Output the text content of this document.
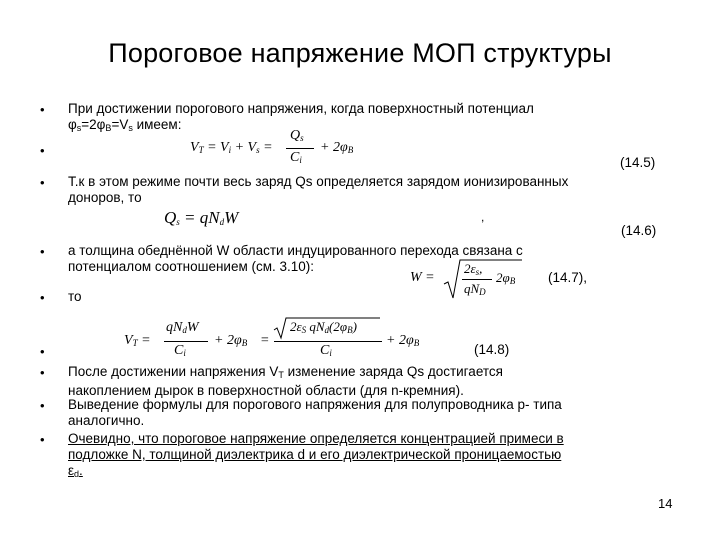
Пороговое напряжение МОП структуры
•
•
•
•
•
•
•
•
•
При достижении порогового напряжения, когда поверхностный потенциал
$\varphi_s=2\varphi_B=V_s$ имеем:
$V_T = V_i + V_s$ =
$Q_s$
$C_i$
+ $2\varphi_B$
(14.5)
Т.к в этом режиме почти весь заряд Qs определяется зарядом ионизированных
доноров, то
$Q_s = qN_dW$	,
(14.6)
а толщина обеднённой W области индуцированного перехода связана с
потенциалом соотношением (см. 3.10):
W =
$2\varepsilon_s$,
$qN_D$
$2\varphi_B$ (14.7),
то
$V_T$ =
$qN_dW$
$C_i$
+ $2\varphi_B$ =
$2\varepsilon_S$ $qN_d(2\varphi_B)$
$C_i$
+ $2\varphi_B$	(14.8)
После достижении напряжения $V_T$ изменение заряда Qs достигается
накоплением дырок в поверхностной области (для n-кремния).
Выведение формулы для порогового напряжения для полупроводника р- типа
аналогично.
Очевидно, что пороговое напряжение определяется концентрацией примеси в
подложке N, толщиной диэлектрика d и его диэлектрической проницаемостью
$\varepsilon_d$.
14
